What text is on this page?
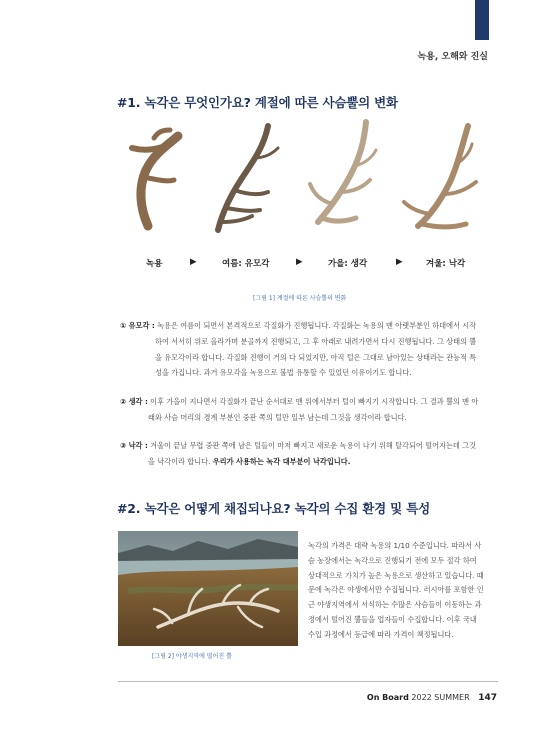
녹용, 오해와 진실
#1. 녹각은 무엇인가요? 계절에 따른 사슴뿔의 변화
녹용	▶	여름: 유모각	▶	가을: 생각	▶	겨울: 낙각
[그림 1] 계절에 따른 사슴뿔의 변화
① 유모각 : 녹용은 여름이 되면서 본격적으로 각질화가 진행됩니다. 각질화는 녹용의 맨 아랫부분인 하대에서 시작
하여 서서히 위로 올라가며 분골까지 진행되고, 그 후 아래로 내려가면서 다시 진행됩니다. 그 상태의 뿔
을 유모각이라 합니다. 각질화 진행이 거의 다 되었지만, 아직 털은 그대로 남아있는 상태라는 관능적 특
성을 가집니다. 과거 유모각을 녹용으로 불법 유통할 수 있었던 이유이기도 합니다.
② 생각 : 이후 가을이 지나면서 각질화가 끝난 순서대로 맨 위에서부터 털이 빠지기 시작합니다. 그 결과 뿔의 맨 아
래와 사슴 머리의 경계 부분인 중판 쪽의 털만 일부 남는데 그것을 생각이라 합니다.
③ 낙각 : 겨울이 끝날 무렵 중판 쪽에 남은 털들이 마저 빠지고 새로운 녹용이 나기 위해 탈각되어 떨어지는데 그것
을 낙각이라 합니다. 우리가 사용하는 녹각 대부분이 낙각입니다.
#2. 녹각은 어떻게 채집되나요? 녹각의 수집 환경 및 특성
[그림 2] 야생지역에 떨어진 뿔
녹각의 가격은 대략 녹용의 1/10 수준입니다. 따라서 사
슴 농장에서는 녹각으로 진행되기 전에 모두 절각 하여
상대적으로 가치가 높은 녹용으로 생산하고 있습니다. 때
문에 녹각은 야생에서만 수집됩니다. 러시아를 포함한 인
근 야생지역에서 서식하는 수많은 사슴들이 이동하는 과
정에서 떨어진 뿔들을 업자들이 수집합니다. 이후 국내
수입 과정에서 등급에 따라 가격이 책정됩니다.
On Board 2022 SUMMER 147
